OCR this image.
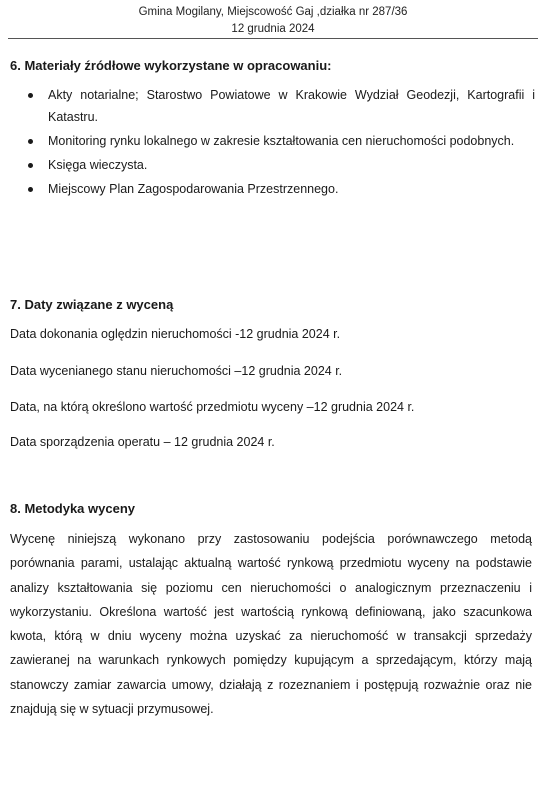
Gmina Mogilany, Miejscowość Gaj ,działka nr 287/36
12 grudnia 2024
6. Materiały źródłowe wykorzystane w opracowaniu:
Akty notarialne; Starostwo Powiatowe w Krakowie Wydział Geodezji, Kartografii i Katastru.
Monitoring rynku lokalnego w zakresie kształtowania cen nieruchomości podobnych.
Księga wieczysta.
Miejscowy Plan Zagospodarowania Przestrzennego.
7. Daty związane z wyceną
Data dokonania oględzin nieruchomości -12 grudnia 2024 r.
Data wycenianego stanu nieruchomości –12 grudnia 2024 r.
Data, na którą określono wartość przedmiotu wyceny –12 grudnia 2024 r.
Data sporządzenia operatu – 12 grudnia 2024 r.
8. Metodyka wyceny

Wycenę niniejszą wykonano przy zastosowaniu podejścia porównawczego metodą porównania parami, ustalając aktualną wartość rynkową przedmiotu wyceny na podstawie analizy kształtowania się poziomu cen nieruchomości o analogicznym przeznaczeniu i wykorzystaniu. Określona wartość jest wartością rynkową definiowaną, jako szacunkowa kwota, którą w dniu wyceny można uzyskać za nieruchomość w transakcji sprzedaży zawieranej na warunkach rynkowych pomiędzy kupującym a sprzedającym, którzy mają stanowczy zamiar zawarcia umowy, działają z rozeznaniem i postępują rozważnie oraz nie znajdują się w sytuacji przymusowej.
